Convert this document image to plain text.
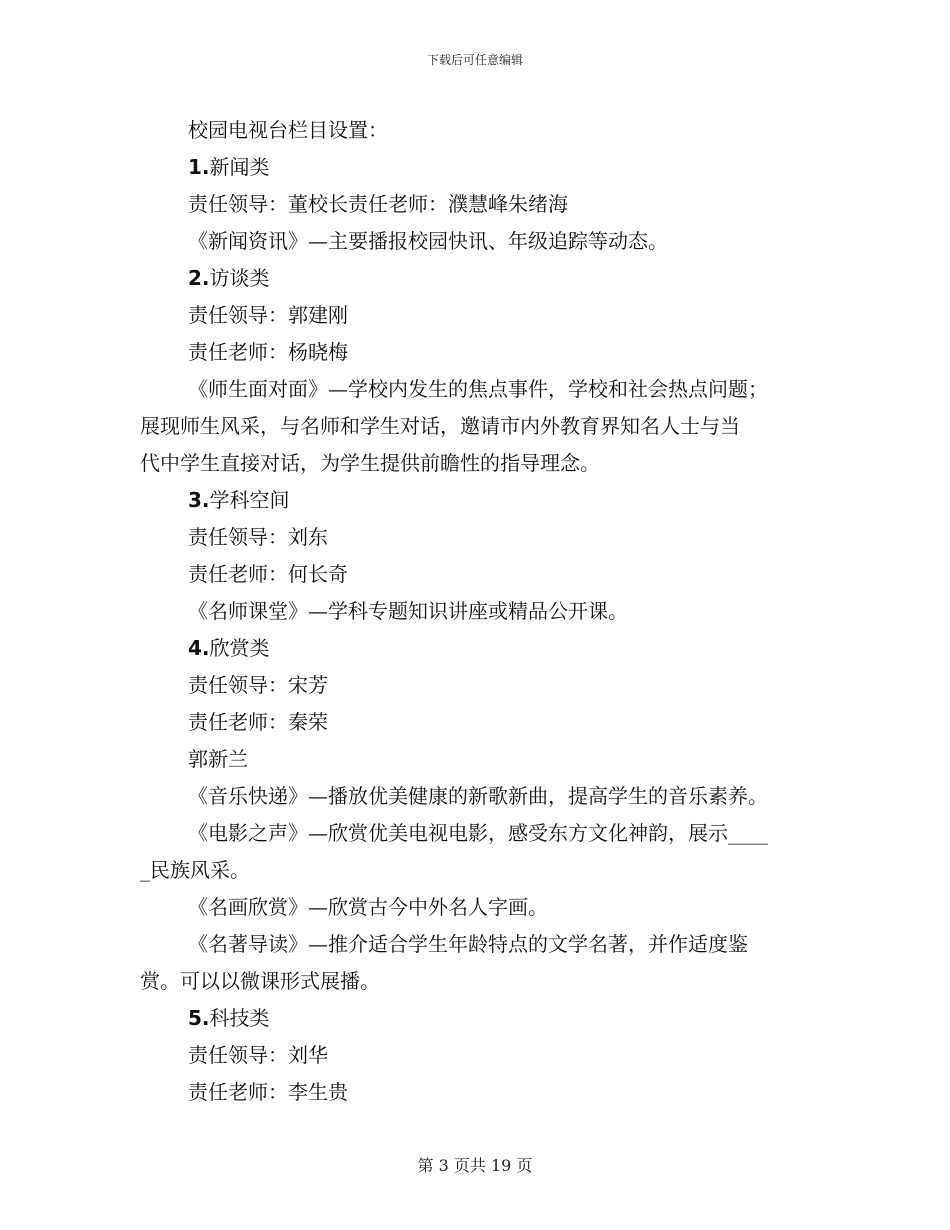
下载后可任意编辑
校园电视台栏目设置：
1.新闻类
责任领导：董校长责任老师：濮慧峰朱绪海
《新闻资讯》—主要播报校园快讯、年级追踪等动态。
2.访谈类
责任领导：郭建刚
责任老师：杨晓梅
《师生面对面》—学校内发生的焦点事件，学校和社会热点问题；
展现师生风采，与名师和学生对话，邀请市内外教育界知名人士与当
代中学生直接对话，为学生提供前瞻性的指导理念。
3.学科空间
责任领导：刘东
责任老师：何长奇
《名师课堂》—学科专题知识讲座或精品公开课。
4.欣赏类
责任领导：宋芳
责任老师：秦荣
郭新兰
《音乐快递》—播放优美健康的新歌新曲，提高学生的音乐素养。
《电影之声》—欣赏优美电视电影，感受东方文化神韵，展示____
_民族风采。
《名画欣赏》—欣赏古今中外名人字画。
《名著导读》—推介适合学生年龄特点的文学名著，并作适度鉴
赏。可以以微课形式展播。
5.科技类
责任领导：刘华
责任老师：李生贵
第 3 页共 19 页
